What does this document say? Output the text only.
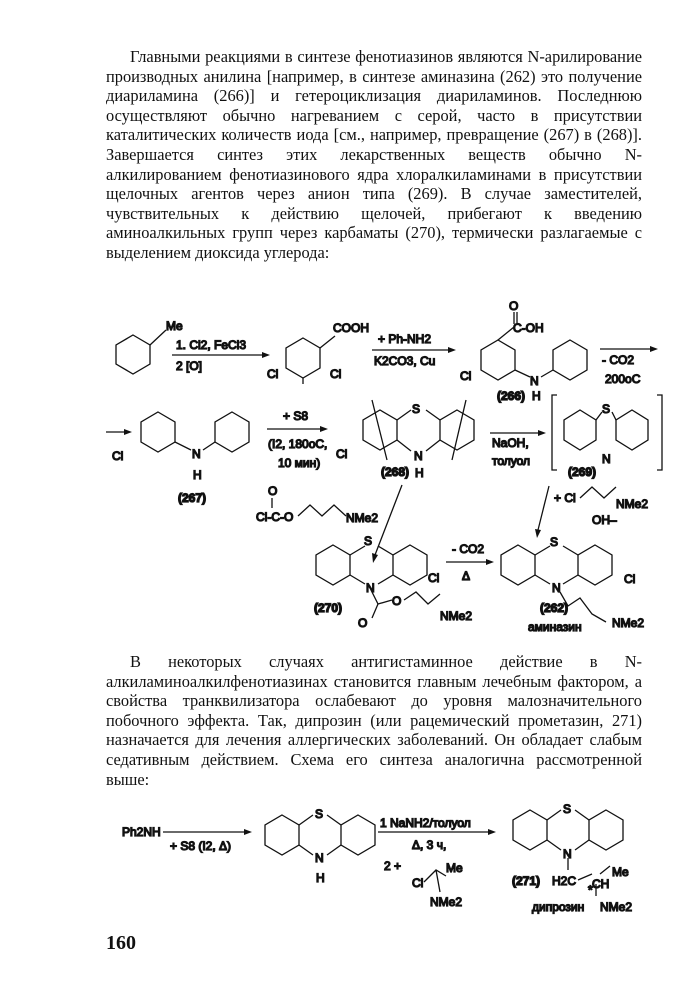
Главными реакциями в синтезе фенотиазинов являются N-арилирование производных анилина [например, в синтезе аминазина (262) это получение диариламина (266)] и гетероциклизация диариламинов. Последнюю осуществляют обычно нагреванием с серой, часто в присутствии каталитических количеств иода [см., например, превращение (267) в (268)]. Завершается синтез этих лекарственных веществ обычно N-алкилированием фенотиазинового ядра хлоралкиламинами в присутствии щелочных агентов через анион типа (269). В случае заместителей, чувствительных к действию щелочей, прибегают к введению аминоалкильных групп через карбаматы (270), термически разлагаемые с выделением диоксида углерода:

Me
1. Cl2, FeCl3
2 [O]
COOH
Cl	Cl
+ Ph-NH2
K2CO3, Cu
O
C-OH
Cl	N
(266) H
- CO2
200oC
Cl	N
H
(267)
+ S8
(I2, 180oC,
10 мин)
S
Cl	N
(268) H
NaOH,
толуол
S
N
(269)
O
Cl-C-O	NMe2
+ Cl	NMe2
OH–
S
Cl
N
O
O
(270)
NMe2
- CO2
Δ
S
Cl
N
(262)
аминазин	NMe2
Ph2NH
+ S8 (I2, Δ)
S
N
H
1 NaNH2/толуол
Δ, 3 ч,
2 +
Cl
Me
NMe2
S
N
(271) H2C
* CH
Me
дипрозин NMe2

В некоторых случаях антигистаминное действие в N-алкиламиноалкилфенотиазинах становится главным лечебным фактором, а свойства транквилизатора ослабевают до уровня малозначительного побочного эффекта. Так, дипрозин (или рацемический прометазин, 271) назначается для лечения аллергических заболеваний. Он обладает слабым седативным действием. Схема его синтеза аналогична рассмотренной выше:

160
